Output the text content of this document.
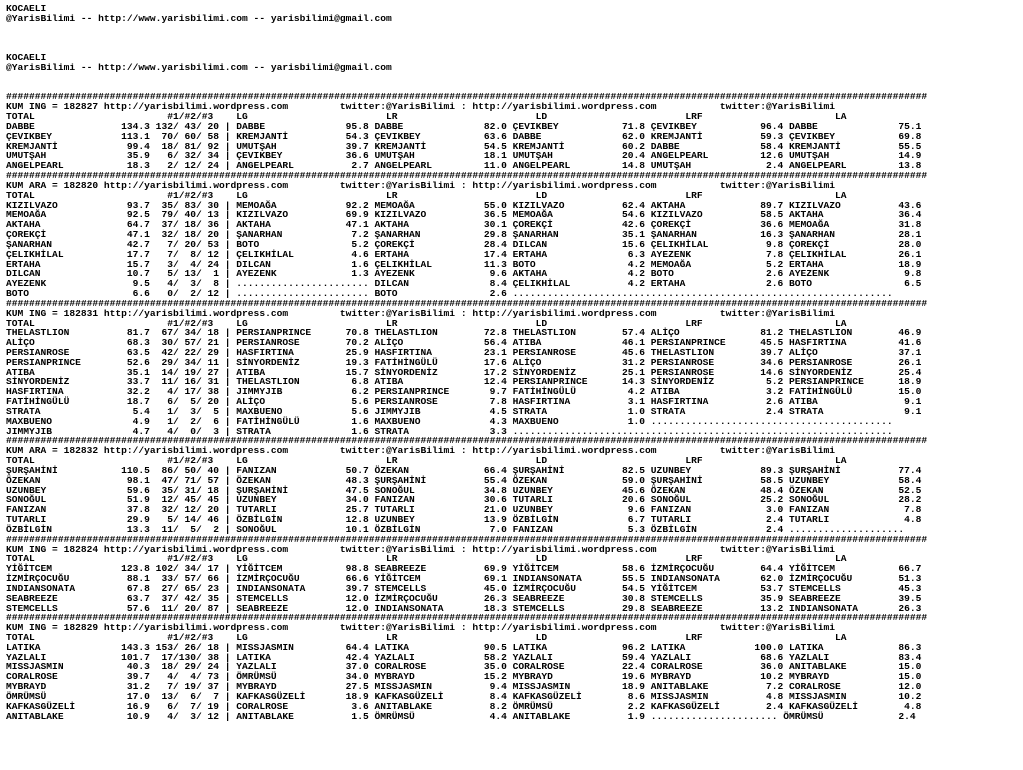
KOCAELI
@YarisBilimi -- http://www.yarisbilimi.com -- yarisbilimi@gmail.com
KOCAELI
@YarisBilimi -- http://www.yarisbilimi.com -- yarisbilimi@gmail.com
################################################################################################################################################################
KUM ING = 182827 http://yarisbilimi.wordpress.com         twitter:@YarisBilimi : http://yarisbilimi.wordpress.com           twitter:@YarisBilimi
TOTAL                       #1/#2/#3    LG                        LR                        LD                        LRF                       LA
DABBE               134.3 132/ 43/ 20 | DABBE              95.8 DABBE              82.0 ÇEVIKBEY           71.8 ÇEVIKBEY           96.4 DABBE              75.1
ÇEVIKBEY            113.1  70/ 60/ 58 | KREMJANTİ          54.3 ÇEVIKBEY           63.6 DABBE              62.0 KREMJANTİ          59.3 ÇEVIKBEY           69.8
KREMJANTİ            99.4  18/ 81/ 92 | UMUTŞAH            39.7 KREMJANTİ          54.5 KREMJANTİ          60.2 DABBE              58.4 KREMJANTİ          55.5
UMUTŞAH              35.9   6/ 32/ 34 | ÇEVIKBEY           36.6 UMUTŞAH            18.1 UMUTŞAH            20.4 ANGELPEARL         12.6 UMUTŞAH            14.9
ANGELPEARL           18.3   2/ 12/ 24 | ANGELPEARL          2.7 ANGELPEARL         11.0 ANGELPEARL         14.8 UMUTŞAH             2.4 ANGELPEARL         13.8
################################################################################################################################################################
KUM ARA = 182820 http://yarisbilimi.wordpress.com         twitter:@YarisBilimi : http://yarisbilimi.wordpress.com           twitter:@YarisBilimi
TOTAL                       #1/#2/#3    LG                        LR                        LD                        LRF                       LA
KIZILVAZO            93.7  35/ 83/ 30 | MEMOAĞA            92.2 MEMOAĞA            55.0 KIZILVAZO          62.4 AKTAHA             89.7 KIZILVAZO          43.6
MEMOAĞA              92.5  79/ 40/ 13 | KIZILVAZO          69.9 KIZILVAZO          36.5 MEMOAĞA            54.6 KIZILVAZO          58.5 AKTAHA             36.4
AKTAHA               64.7  37/ 18/ 36 | AKTAHA             47.1 AKTAHA             30.1 ÇOREKÇİ            42.6 ÇOREKÇİ            36.6 MEMOAĞA            31.8
ÇOREKÇİ              47.1  32/ 18/ 20 | ŞANARHAN            7.2 ŞANARHAN           29.8 ŞANARHAN           35.1 ŞANARHAN           16.3 ŞANARHAN           28.1
ŞANARHAN             42.7   7/ 20/ 53 | BOTO                5.2 ÇOREKÇİ            28.4 DILCAN             15.6 ÇELIKHİLAL          9.8 ÇOREKÇİ            28.0
ÇELIKHİLAL           17.7   7/  8/ 12 | ÇELIKHİLAL          4.6 ERTAHA             17.4 ERTAHA              6.3 AYEZENK             7.8 ÇELIKHİLAL         26.1
ERTAHA               15.7   3/  4/ 24 | DILCAN              1.6 ÇELIKHİLAL         11.3 BOTO                4.2 MEMOAĞA             5.2 ERTAHA             18.9
DILCAN               10.7   5/ 13/  1 | AYEZENK             1.3 AYEZENK             9.6 AKTAHA              4.2 BOTO                2.6 AYEZENK             9.8
AYEZENK               9.5   4/  3/  8 | ....................... DILCAN              8.4 ÇELIKHİLAL          4.2 ERTAHA              2.6 BOTO                6.5
BOTO                  6.6   0/  2/ 12 | ....................... BOTO                2.6 ..................................................................
################################################################################################################################################################
KUM ING = 182831 http://yarisbilimi.wordpress.com         twitter:@YarisBilimi : http://yarisbilimi.wordpress.com           twitter:@YarisBilimi
TOTAL                       #1/#2/#3    LG                        LR                        LD                        LRF                       LA
THELASTLION          81.7  67/ 34/ 18 | PERSIANPRINCE      70.8 THELASTLION        72.8 THELASTLION        57.4 ALİÇO              81.2 THELASTLION        46.9
ALİÇO                68.3  30/ 57/ 21 | PERSIANROSE        70.2 ALİÇO              56.4 ATIBA              46.1 PERSIANPRINCE      45.5 HASFIRTINA         41.6
PERSIANROSE          63.5  42/ 22/ 29 | HASFIRTINA         25.9 HASFIRTINA         23.1 PERSIANROSE        45.6 THELASTLION        39.7 ALİÇO              37.1
PERSIANPRINCE        52.6  29/ 34/ 11 | SİNYORDENİZ        19.3 FATİHİNGÜLÜ        17.6 ALİÇO              31.2 PERSIANROSE        34.6 PERSIANROSE        26.1
ATIBA                35.1  14/ 19/ 27 | ATIBA              15.7 SİNYORDENİZ        17.2 SİNYORDENİZ        25.1 PERSIANROSE        14.6 SİNYORDENİZ        25.4
SİNYORDENİZ          33.7  11/ 16/ 31 | THELASTLION         6.8 ATIBA              12.4 PERSIANPRINCE      14.3 SİNYORDENİZ         5.2 PERSIANPRINCE      18.9
HASFIRTINA           32.2   4/ 17/ 38 | JIMMYJIB            6.2 PERSIANPRINCE       9.7 FATİHİNGÜLÜ         4.2 ATIBA               3.2 FATİHİNGÜLÜ        15.0
FATİHİNGÜLÜ          18.7   6/  5/ 20 | ALİÇO               5.6 PERSIANROSE         7.8 HASFIRTINA          3.1 HASFIRTINA          2.6 ATIBA               9.1
STRATA                5.4   1/  3/  5 | MAXBUENO            5.6 JIMMYJIB            4.5 STRATA              1.0 STRATA              2.4 STRATA              9.1
MAXBUENO              4.9   1/  2/  6 | FATİHİNGÜLÜ         1.6 MAXBUENO            4.3 MAXBUENO            1.0 ..........................................
JIMMYJIB              4.7   4/  0/  3 | STRATA              1.6 STRATA              3.3 ..................................................................
################################################################################################################################################################
KUM ARA = 182832 http://yarisbilimi.wordpress.com         twitter:@YarisBilimi : http://yarisbilimi.wordpress.com           twitter:@YarisBilimi
TOTAL                       #1/#2/#3    LG                        LR                        LD                        LRF                       LA
ŞURŞAHİNİ           110.5  86/ 50/ 40 | FANIZAN            50.7 ÖZEKAN             66.4 ŞURŞAHİNİ          82.5 UZUNBEY            89.3 ŞURŞAHİNİ          77.4
ÖZEKAN               98.1  47/ 71/ 57 | ÖZEKAN             48.3 ŞURŞAHİNİ          55.4 ÖZEKAN             59.0 ŞURŞAHİNİ          58.5 UZUNBEY            58.4
UZUNBEY              59.6  35/ 31/ 18 | ŞURŞAHİNİ          47.5 SONOĞUL            34.8 UZUNBEY            45.6 ÖZEKAN             48.4 ÖZEKAN             52.5
SONOĞUL              51.9  12/ 45/ 45 | UZUNBEY            34.0 FANIZAN            30.6 TUTARLI            20.6 SONOĞUL            25.2 SONOĞUL            28.2
FANIZAN              37.8  32/ 12/ 20 | TUTARLI            25.7 TUTARLI            21.0 UZUNBEY             9.6 FANIZAN             3.0 FANIZAN             7.8
TUTARLI              29.9   5/ 14/ 46 | ÖZBİLGİN           12.8 UZUNBEY            13.9 ÖZBİLGİN            6.7 TUTARLI             2.4 TUTARLI             4.8
ÖZBİLGİN             13.3  11/  5/  2 | SONOĞUL            10.1 ÖZBİLGİN            7.0 FANIZAN             5.3 ÖZBİLGİN            2.4 ....................
################################################################################################################################################################
KUM ING = 182824 http://yarisbilimi.wordpress.com         twitter:@YarisBilimi : http://yarisbilimi.wordpress.com           twitter:@YarisBilimi
TOTAL                       #1/#2/#3    LG                        LR                        LD                        LRF                       LA
YİĞİTCEM            123.8 102/ 34/ 17 | YİĞİTCEM           98.8 SEABREEZE          69.9 YİĞİTCEM           58.6 İZMİRÇOCUĞU        64.4 YİĞİTCEM           66.7
İZMİRÇOCUĞU          88.1  33/ 57/ 66 | İZMİRÇOCUĞU        66.6 YİĞİTCEM           69.1 INDIANSONATA       55.5 INDIANSONATA       62.0 İZMİRÇOCUĞU        51.3
INDIANSONATA         67.8  27/ 65/ 23 | INDIANSONATA       39.7 STEMCELLS          45.0 İZMİRÇOCUĞU        54.5 YİĞİTCEM           53.7 STEMCELLS          45.3
SEABREEZE            63.7  37/ 42/ 35 | STEMCELLS          12.0 İZMİRÇOCUĞU        26.3 SEABREEZE          30.8 STEMCELLS          35.9 SEABREEZE          39.5
STEMCELLS            57.6  11/ 20/ 87 | SEABREEZE          12.0 INDIANSONATA       18.3 STEMCELLS          29.8 SEABREEZE          13.2 INDIANSONATA       26.3
################################################################################################################################################################
KUM ING = 182829 http://yarisbilimi.wordpress.com         twitter:@YarisBilimi : http://yarisbilimi.wordpress.com           twitter:@YarisBilimi
TOTAL                       #1/#2/#3    LG                        LR                        LD                        LRF                       LA
LATIKA              143.3 153/ 26/ 18 | MISSJASMIN         64.4 LATIKA             90.5 LATIKA             96.2 LATIKA            100.0 LATIKA             86.3
YAZLALI             101.7  17/130/ 38 | LATIKA             42.4 YAZLALI            58.2 YAZLALI            59.4 YAZLALI            68.6 YAZLALI            83.4
MISSJASMIN           40.3  18/ 29/ 24 | YAZLALI            37.0 CORALROSE          35.0 CORALROSE          22.4 CORALROSE          36.0 ANITABLAKE         15.0
CORALROSE            39.7   4/  4/ 73 | ÖMRÜMSÜ            34.0 MYBRAYD            15.2 MYBRAYD            19.6 MYBRAYD            10.2 MYBRAYD            15.0
MYBRAYD              31.2   7/ 19/ 37 | MYBRAYD            27.5 MISSJASMIN          9.4 MISSJASMIN         18.9 ANITABLAKE          7.2 CORALROSE          12.0
ÖMRÜMSÜ              17.0  13/  6/  7 | KAFKASGÜZELİ       18.9 KAFKASGÜZELİ        8.4 KAFKASGÜZELİ        8.6 MISSJASMIN          4.8 MISSJASMIN         10.2
KAFKASGÜZELİ         16.9   6/  7/ 19 | CORALROSE           3.6 ANITABLAKE          8.2 ÖMRÜMSÜ             2.2 KAFKASGÜZELİ        2.4 KAFKASGÜZELİ        4.8
ANITABLAKE           10.9   4/  3/ 12 | ANITABLAKE          1.5 ÖMRÜMSÜ             4.4 ANITABLAKE          1.9 ...................... ÖMRÜMSÜ             2.4
